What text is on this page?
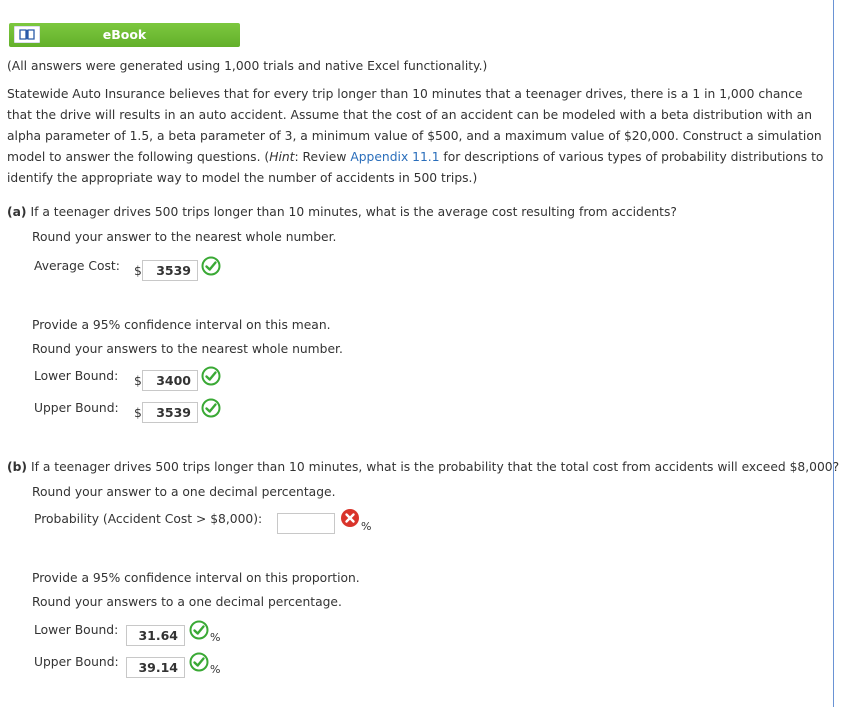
eBook
(All answers were generated using 1,000 trials and native Excel functionality.)
Statewide Auto Insurance believes that for every trip longer than 10 minutes that a teenager drives, there is a 1 in 1,000 chance that the drive will results in an auto accident. Assume that the cost of an accident can be modeled with a beta distribution with an alpha parameter of 1.5, a beta parameter of 3, a minimum value of $500, and a maximum value of $20,000. Construct a simulation model to answer the following questions. (Hint: Review Appendix 11.1 for descriptions of various types of probability distributions to identify the appropriate way to model the number of accidents in 500 trips.)
(a) If a teenager drives 500 trips longer than 10 minutes, what is the average cost resulting from accidents?
Round your answer to the nearest whole number.
Average Cost: $	3539
Provide a 95% confidence interval on this mean.
Round your answers to the nearest whole number.
Lower Bound: $	3400
Upper Bound: $	3539
(b) If a teenager drives 500 trips longer than 10 minutes, what is the probability that the total cost from accidents will exceed $8,000?
Round your answer to a one decimal percentage.
Probability (Accident Cost > $8,000):
%
Provide a 95% confidence interval on this proportion.
Round your answers to a one decimal percentage.
Lower Bound:	31.64	%
Upper Bound:	39.14	%
